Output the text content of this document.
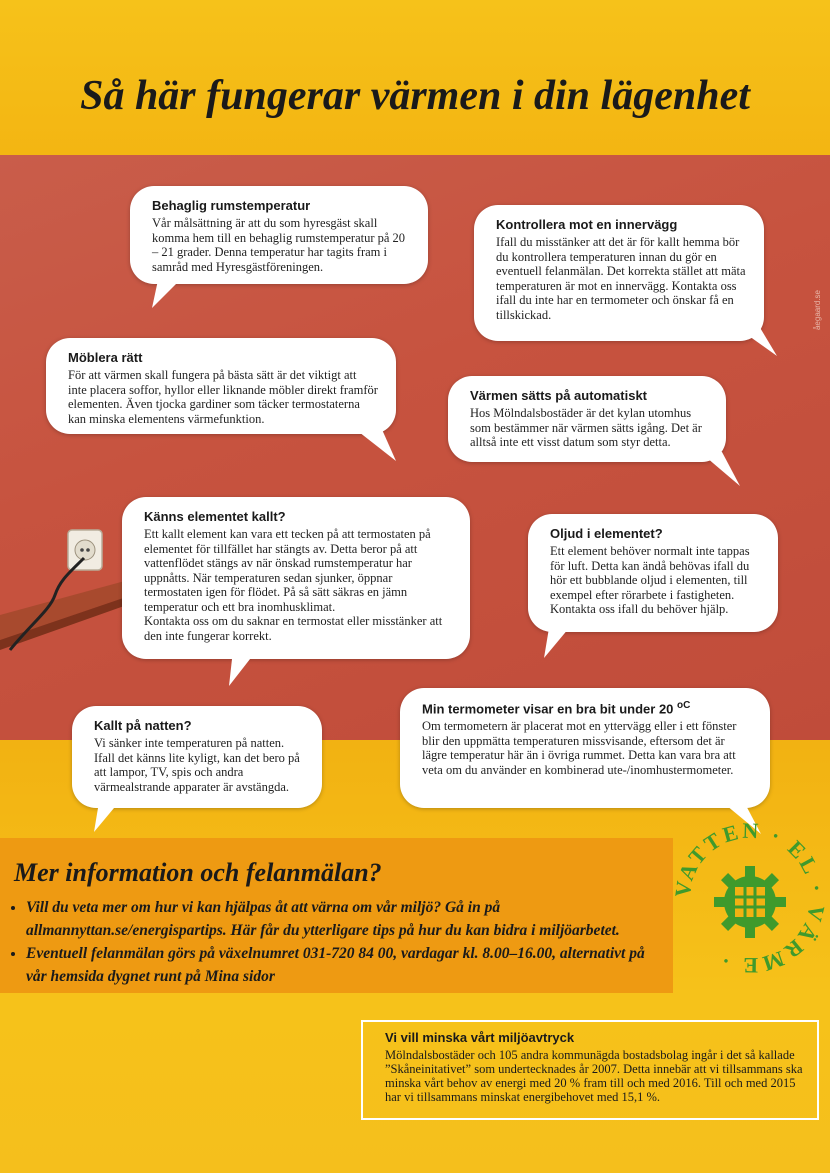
Så här fungerar värmen i din lägenhet
åegaard.se
Behaglig rumstemperatur

Vår målsättning är att du som hyresgäst skall komma hem till en behaglig rumstemperatur på 20 – 21 grader. Denna temperatur har tagits fram i samråd med Hyresgästföreningen.

Kontrollera mot en innervägg

Ifall du misstänker att det är för kallt hemma bör du kontrollera temperaturen innan du gör en eventuell felanmälan. Det korrekta stället att mäta temperaturen är mot en innervägg. Kontakta oss ifall du inte har en termometer och önskar få en tillskickad.

Möblera rätt

För att värmen skall fungera på bästa sätt är det viktigt att inte placera soffor, hyllor eller liknande möbler direkt framför elementen. Även tjocka gardiner som täcker termostaterna kan minska elementens värmefunktion.

Värmen sätts på automatiskt

Hos Mölndalsbostäder är det kylan utomhus som bestämmer när värmen sätts igång. Det är alltså inte ett visst datum som styr detta.

Känns elementet kallt?

Ett kallt element kan vara ett tecken på att termostaten på elementet för tillfället har stängts av. Detta beror på att vattenflödet stängs av när önskad rumstemperatur har uppnåtts. När temperaturen sedan sjunker, öppnar termostaten igen för flödet. På så sätt säkras en jämn temperatur och ett bra inomhusklimat.

Kontakta oss om du saknar en termostat eller misstänker att den inte fungerar korrekt.

Oljud i elementet?

Ett element behöver normalt inte tappas för luft. Detta kan ändå behövas ifall du hör ett bubblande oljud i elementen, till exempel efter rörarbete i fastigheten. Kontakta oss ifall du behöver hjälp.

Kallt på natten?

Vi sänker inte temperaturen på natten. Ifall det känns lite kyligt, kan det bero på att lampor, TV, spis och andra värmealstrande apparater är avstängda.

Min termometer visar en bra bit under 20 $^{oC}$

Om termometern är placerat mot en yttervägg eller i ett fönster blir den uppmätta temperaturen missvisande, eftersom det är lägre temperatur här än i övriga rummet. Detta kan vara bra att veta om du använder en kombinerad ute-/inomhustermometer.

Mer information och felanmälan?
• Vill du veta mer om hur vi kan hjälpas åt att värna om vår miljö? Gå in på allmannyttan.se/energispartips. Här får du ytterligare tips på hur du kan bidra i miljöarbetet.
• Eventuell felanmälan görs på växelnumret 031-720 84 00, vardagar kl. 8.00–16.00, alternativt på vår hemsida dygnet runt på Mina sidor
VATTEN · EL · VÄRME ·
Vi vill minska vårt miljöavtryck

Mölndalsbostäder och 105 andra kommunägda bostadsbolag ingår i det så kallade ”Skåneinitativet” som undertecknades år 2007. Detta innebär att vi tillsammans ska minska vårt behov av energi med 20 % fram till och med 2016. Till och med 2015 har vi tillsammans minskat energibehovet med 15,1 %.
